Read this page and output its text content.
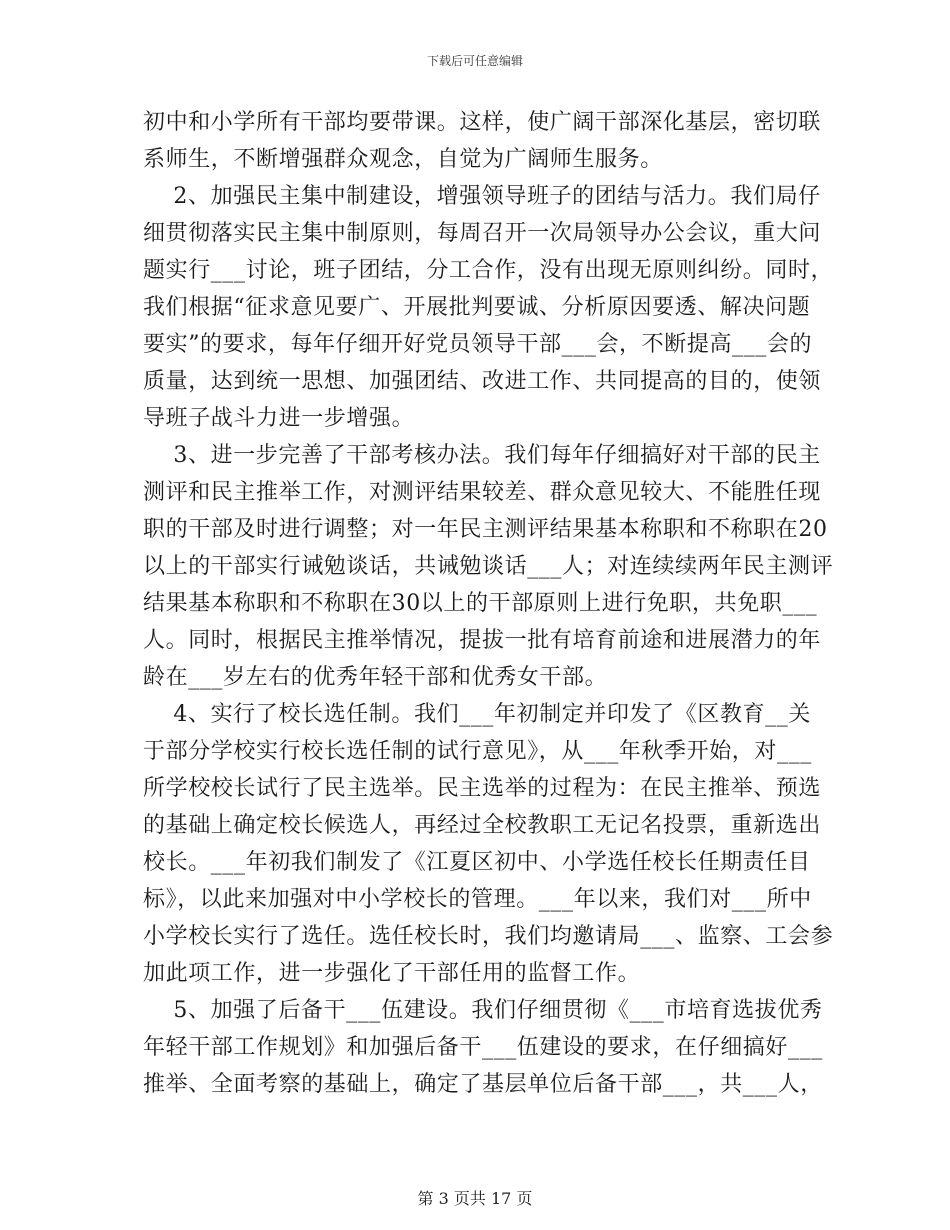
下载后可任意编辑
初中和小学所有干部均要带课。这样，使广阔干部深化基层，密切联
系师生，不断增强群众观念，自觉为广阔师生服务。
2、加强民主集中制建设，增强领导班子的团结与活力。我们局仔
细贯彻落实民主集中制原则，每周召开一次局领导办公会议，重大问
题实行___讨论，班子团结，分工合作，没有出现无原则纠纷。同时，
我们根据“征求意见要广、开展批判要诚、分析原因要透、解决问题
要实”的要求，每年仔细开好党员领导干部___会，不断提高___会的
质量，达到统一思想、加强团结、改进工作、共同提高的目的，使领
导班子战斗力进一步增强。
3、进一步完善了干部考核办法。我们每年仔细搞好对干部的民主
测评和民主推举工作，对测评结果较差、群众意见较大、不能胜任现
职的干部及时进行调整；对一年民主测评结果基本称职和不称职在20
以上的干部实行诫勉谈话，共诫勉谈话___人；对连续续两年民主测评
结果基本称职和不称职在30以上的干部原则上进行免职，共免职___
人。同时，根据民主推举情况，提拔一批有培育前途和进展潜力的年
龄在___岁左右的优秀年轻干部和优秀女干部。
4、实行了校长选任制。我们___年初制定并印发了《区教育__关
于部分学校实行校长选任制的试行意见》，从___年秋季开始，对___
所学校校长试行了民主选举。民主选举的过程为：在民主推举、预选
的基础上确定校长候选人，再经过全校教职工无记名投票，重新选出
校长。___年初我们制发了《江夏区初中、小学选任校长任期责任目
标》，以此来加强对中小学校长的管理。___年以来，我们对___所中
小学校长实行了选任。选任校长时，我们均邀请局___、监察、工会参
加此项工作，进一步强化了干部任用的监督工作。
5、加强了后备干___伍建设。我们仔细贯彻《___市培育选拔优秀
年轻干部工作规划》和加强后备干___伍建设的要求，在仔细搞好___
推举、全面考察的基础上，确定了基层单位后备干部___，共___人，
第 3 页共 17 页
